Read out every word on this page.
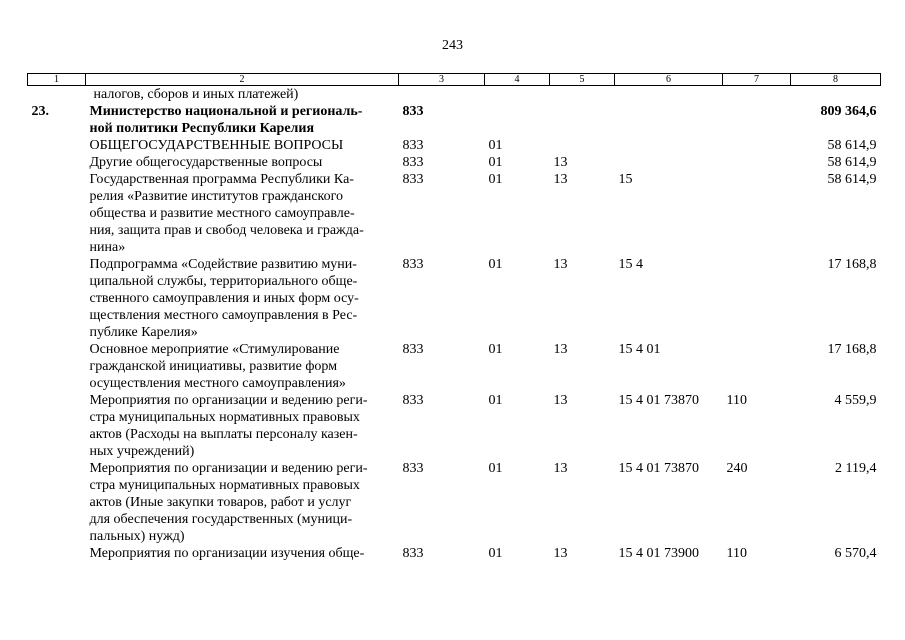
243
1	2	3	4	5	6	7	8
налогов, сборов и иных платежей)							
23.	Министерство национальной и региональ-
ной политики Республики Карелия	833					809 364,6
	ОБЩЕГОСУДАРСТВЕННЫЕ ВОПРОСЫ	833	01				58 614,9
	Другие общегосударственные вопросы	833	01	13			58 614,9
	Государственная программа Республики Ка-
релия «Развитие институтов гражданского
общества и развитие местного самоуправле-
ния, защита прав и свобод человека и гражда-
нина»	833	01	13	15		58 614,9
	Подпрограмма «Содействие развитию муни-
ципальной службы, территориального обще-
ственного самоуправления и иных форм осу-
ществления местного самоуправления в Рес-
публике Карелия»	833	01	13	15 4		17 168,8
	Основное мероприятие «Стимулирование
гражданской инициативы, развитие форм
осуществления местного самоуправления»	833	01	13	15 4 01		17 168,8
	Мероприятия по организации и ведению реги-
стра муниципальных нормативных правовых
актов (Расходы на выплаты персоналу казен-
ных учреждений)	833	01	13	15 4 01 73870	110	4 559,9
	Мероприятия по организации и ведению реги-
стра муниципальных нормативных правовых
актов (Иные закупки товаров, работ и услуг
для обеспечения государственных (муници-
пальных) нужд)	833	01	13	15 4 01 73870	240	2 119,4
	Мероприятия по организации изучения обще-	833	01	13	15 4 01 73900	110	6 570,4
